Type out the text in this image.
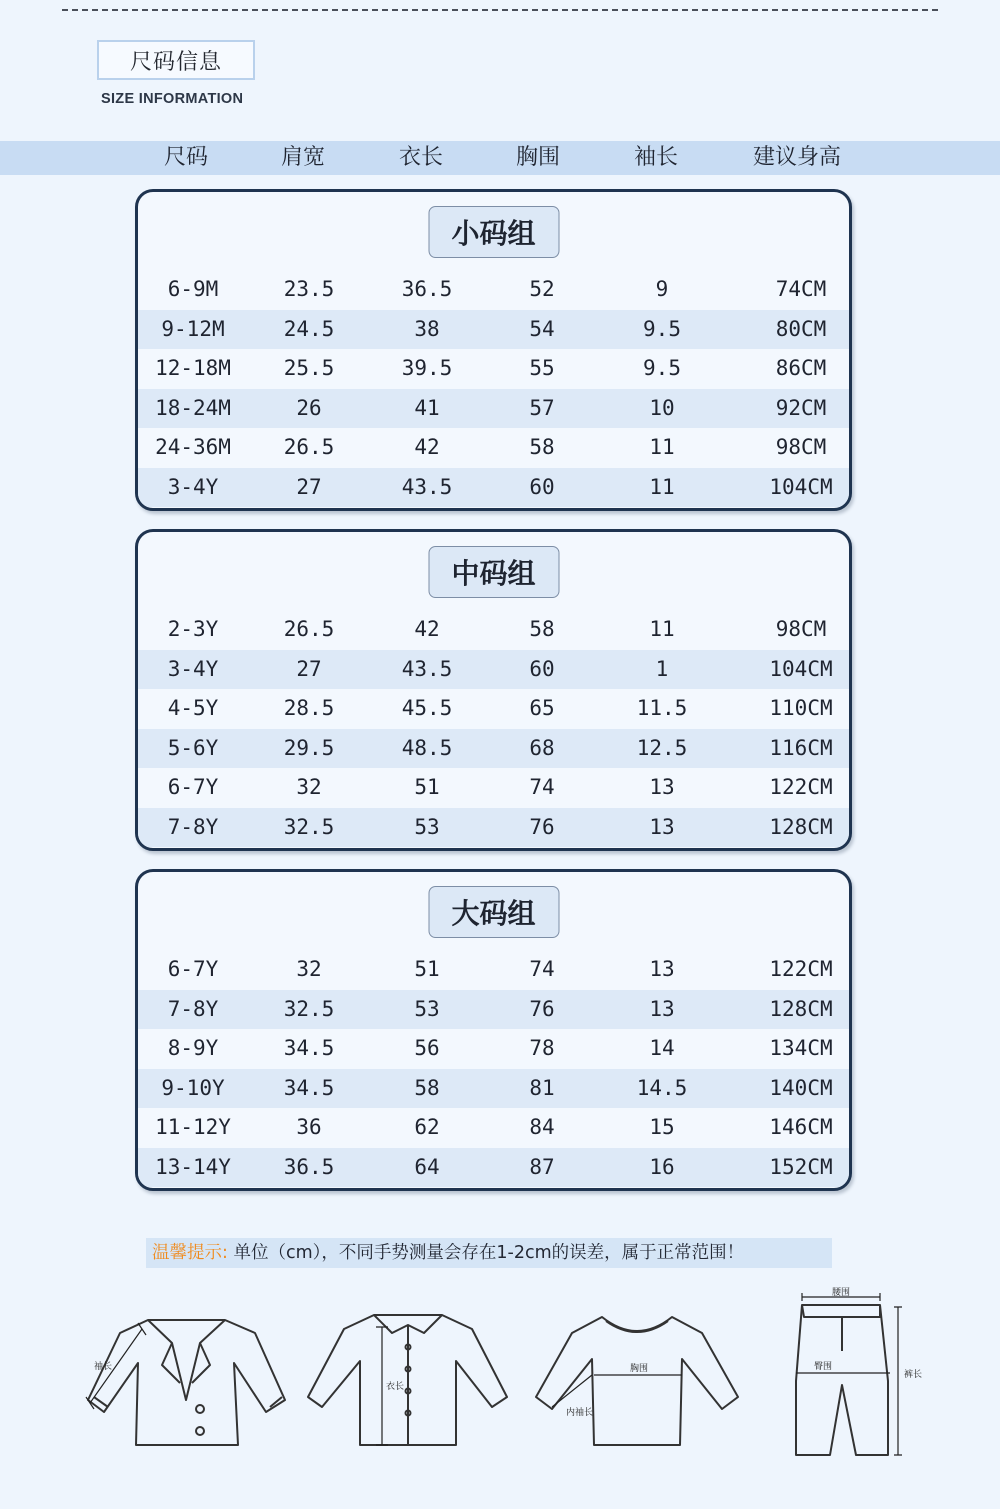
尺码信息
SIZE INFORMATION
尺码	肩宽	衣长	胸围	袖长	建议身高
小码组
6-9M	23.5	36.5	52	9	74CM
9-12M	24.5	38	54	9.5	80CM
12-18M	25.5	39.5	55	9.5	86CM
18-24M	26	41	57	10	92CM
24-36M	26.5	42	58	11	98CM
3-4Y	27	43.5	60	11	104CM
中码组
2-3Y	26.5	42	58	11	98CM
3-4Y	27	43.5	60	1	104CM
4-5Y	28.5	45.5	65	11.5	110CM
5-6Y	29.5	48.5	68	12.5	116CM
6-7Y	32	51	74	13	122CM
7-8Y	32.5	53	76	13	128CM
大码组
6-7Y	32	51	74	13	122CM
7-8Y	32.5	53	76	13	128CM
8-9Y	34.5	56	78	14	134CM
9-10Y	34.5	58	81	14.5	140CM
11-12Y	36	62	84	15	146CM
13-14Y	36.5	64	87	16	152CM
温馨提示: 单位（cm），不同手势测量会存在1-2cm的误差，属于正常范围！
袖长
衣长
胸围
内袖长
腰围
臀围
裤长
